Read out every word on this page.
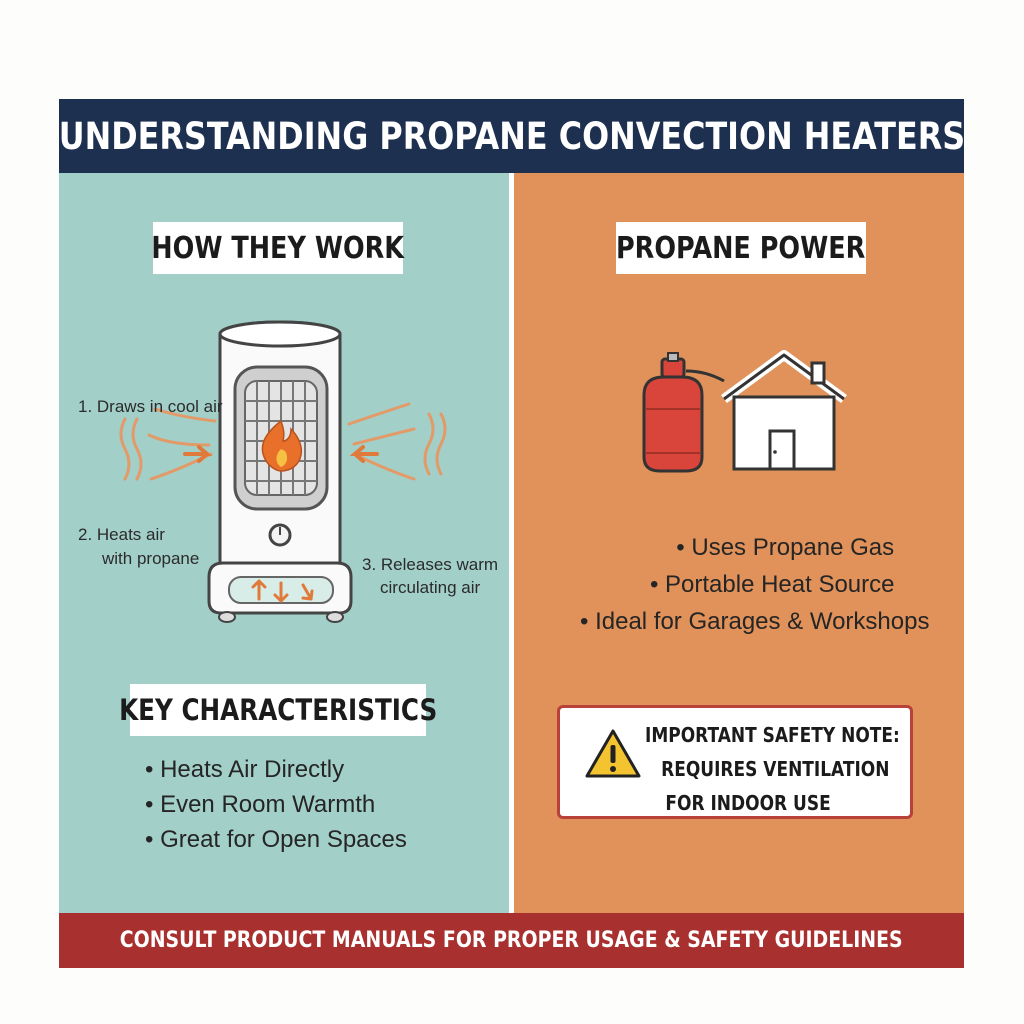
UNDERSTANDING PROPANE CONVECTION HEATERS
HOW THEY WORK
1. Draws in cool air
2. Heats air
with propane	3. Releases warm
circulating air
KEY CHARACTERISTICS
• Heats Air Directly
• Even Room Warmth
• Great for Open Spaces
PROPANE POWER
• Uses Propane Gas
• Portable Heat Source
• Ideal for Garages & Workshops
IMPORTANT SAFETY NOTE:
REQUIRES VENTILATION
FOR INDOOR USE
CONSULT PRODUCT MANUALS FOR PROPER USAGE & SAFETY GUIDELINES
